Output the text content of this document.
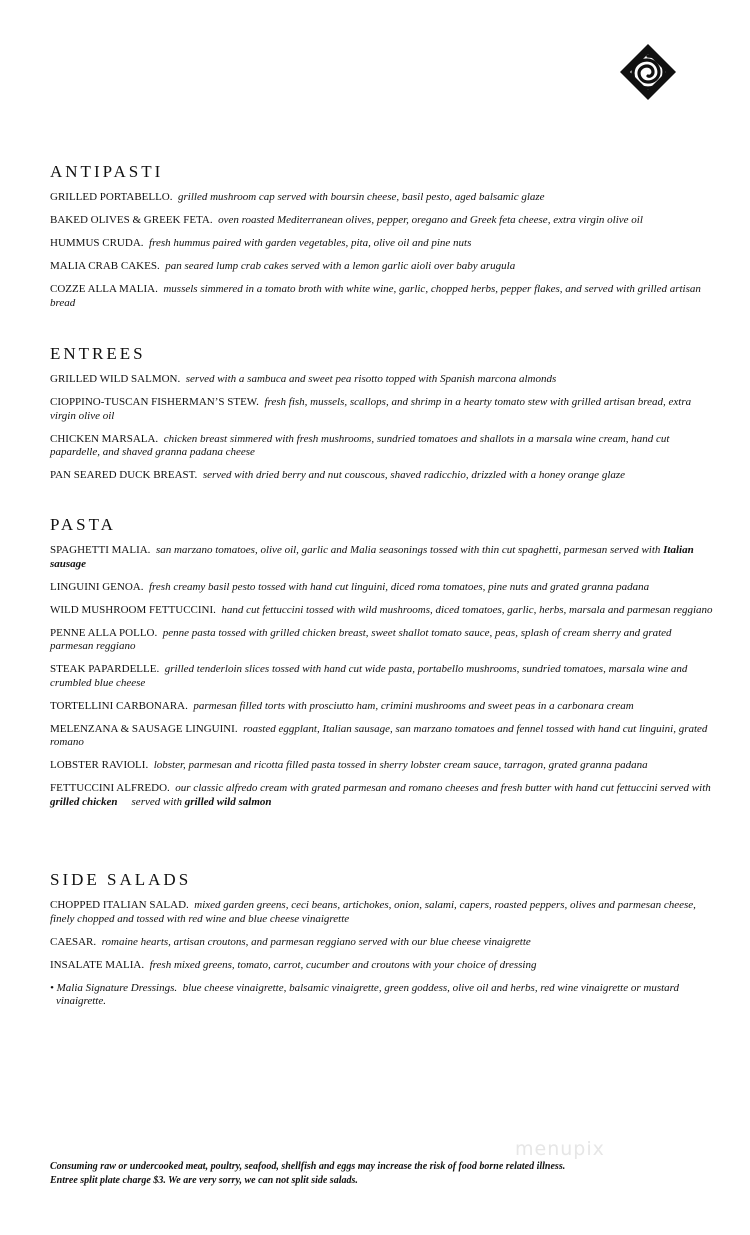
ANTIPASTI
GRILLED PORTABELLO. grilled mushroom cap served with boursin cheese, basil pesto, aged balsamic glaze
BAKED OLIVES & GREEK FETA. oven roasted Mediterranean olives, pepper, oregano and Greek feta cheese, extra virgin olive oil
HUMMUS CRUDA. fresh hummus paired with garden vegetables, pita, olive oil and pine nuts
MALIA CRAB CAKES. pan seared lump crab cakes served with a lemon garlic aioli over baby arugula
COZZE ALLA MALIA. mussels simmered in a tomato broth with white wine, garlic, chopped herbs, pepper flakes, and served with grilled artisan bread
ENTREES
GRILLED WILD SALMON. served with a sambuca and sweet pea risotto topped with Spanish marcona almonds
CIOPPINO-TUSCAN FISHERMAN’S STEW. fresh fish, mussels, scallops, and shrimp in a hearty tomato stew with grilled artisan bread, extra virgin olive oil
CHICKEN MARSALA. chicken breast simmered with fresh mushrooms, sundried tomatoes and shallots in a marsala wine cream, hand cut papardelle, and shaved granna padana cheese
PAN SEARED DUCK BREAST. served with dried berry and nut couscous, shaved radicchio, drizzled with a honey orange glaze
PASTA
SPAGHETTI MALIA. san marzano tomatoes, olive oil, garlic and Malia seasonings tossed with thin cut spaghetti, parmesan served with Italian sausage
LINGUINI GENOA. fresh creamy basil pesto tossed with hand cut linguini, diced roma tomatoes, pine nuts and grated granna padana
WILD MUSHROOM FETTUCCINI. hand cut fettuccini tossed with wild mushrooms, diced tomatoes, garlic, herbs, marsala and parmesan reggiano
PENNE ALLA POLLO. penne pasta tossed with grilled chicken breast, sweet shallot tomato sauce, peas, splash of cream sherry and grated parmesan reggiano
STEAK PAPARDELLE. grilled tenderloin slices tossed with hand cut wide pasta, portabello mushrooms, sundried tomatoes, marsala wine and crumbled blue cheese
TORTELLINI CARBONARA. parmesan filled torts with prosciutto ham, crimini mushrooms and sweet peas in a carbonara cream
MELENZANA & SAUSAGE LINGUINI. roasted eggplant, Italian sausage, san marzano tomatoes and fennel tossed with hand cut linguini, grated romano
LOBSTER RAVIOLI. lobster, parmesan and ricotta filled pasta tossed in sherry lobster cream sauce, tarragon, grated granna padana
FETTUCCINI ALFREDO. our classic alfredo cream with grated parmesan and romano cheeses and fresh butter with hand cut fettuccini served with grilled chicken served with grilled wild salmon
SIDE SALADS
CHOPPED ITALIAN SALAD. mixed garden greens, ceci beans, artichokes, onion, salami, capers, roasted peppers, olives and parmesan cheese, finely chopped and tossed with red wine and blue cheese vinaigrette
CAESAR. romaine hearts, artisan croutons, and parmesan reggiano served with our blue cheese vinaigrette
INSALATE MALIA. fresh mixed greens, tomato, carrot, cucumber and croutons with your choice of dressing
• Malia Signature Dressings.  blue cheese vinaigrette, balsamic vinaigrette, green goddess, olive oil and herbs, red wine vinaigrette or mustard vinaigrette.
menupix
Consuming raw or undercooked meat, poultry, seafood, shellfish and eggs may increase the risk of food borne related illness.
Entree split plate charge $3. We are very sorry, we can not split side salads.
